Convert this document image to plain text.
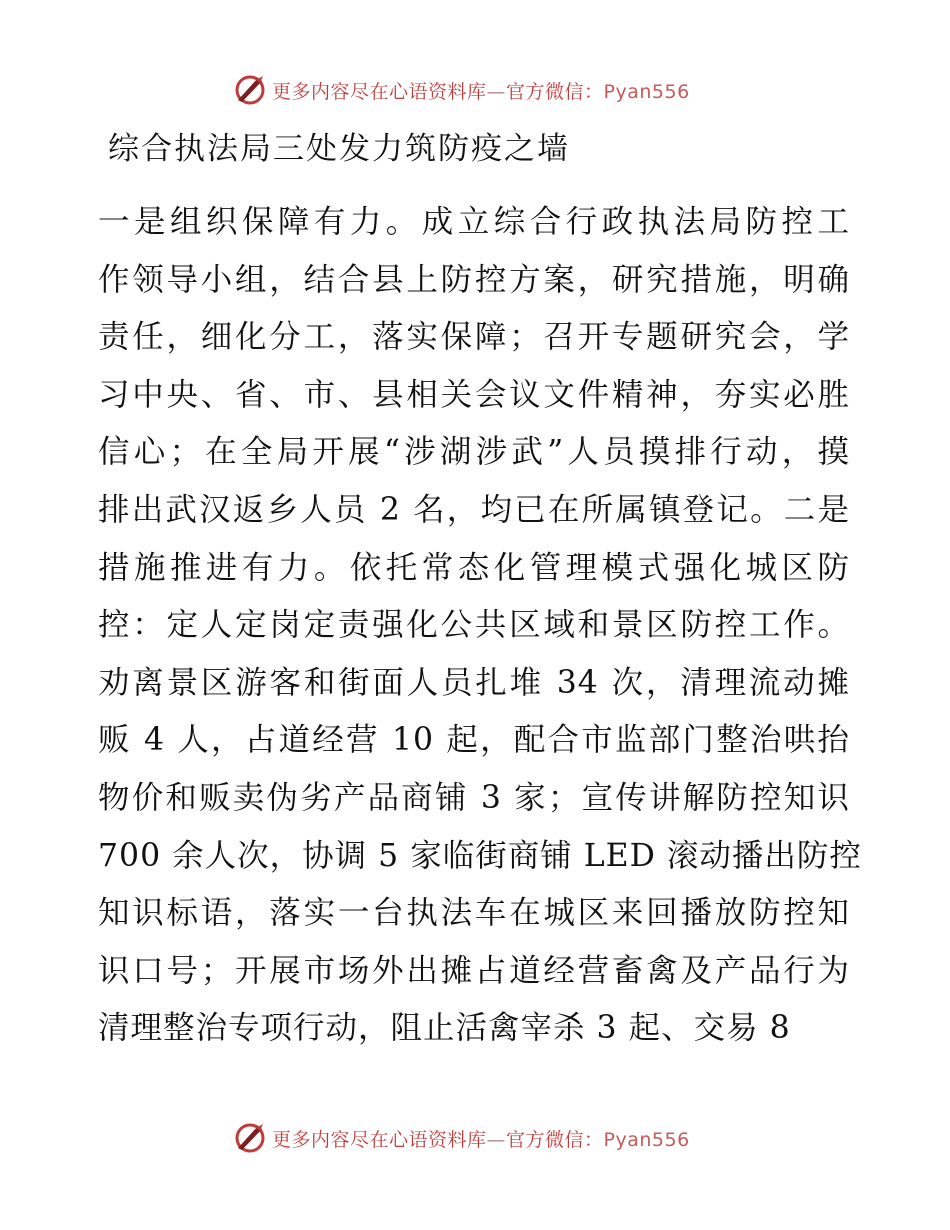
更多内容尽在心语资料库—官方微信：Pyan556
综合执法局三处发力筑防疫之墙
一是组织保障有力。成立综合行政执法局防控工
作领导小组，结合县上防控方案，研究措施，明确
责任，细化分工，落实保障；召开专题研究会，学
习中央、省、市、县相关会议文件精神，夯实必胜
信心；在全局开展“涉湖涉武”人员摸排行动，摸
排出武汉返乡人员 2 名，均已在所属镇登记。二是
措施推进有力。依托常态化管理模式强化城区防
控：定人定岗定责强化公共区域和景区防控工作。
劝离景区游客和街面人员扎堆 34 次，清理流动摊
贩 4 人，占道经营 10 起，配合市监部门整治哄抬
物价和贩卖伪劣产品商铺 3 家；宣传讲解防控知识
700 余人次，协调 5 家临街商铺 LED 滚动播出防控
知识标语，落实一台执法车在城区来回播放防控知
识口号；开展市场外出摊占道经营畜禽及产品行为
清理整治专项行动，阻止活禽宰杀 3 起、交易 8
更多内容尽在心语资料库—官方微信：Pyan556
